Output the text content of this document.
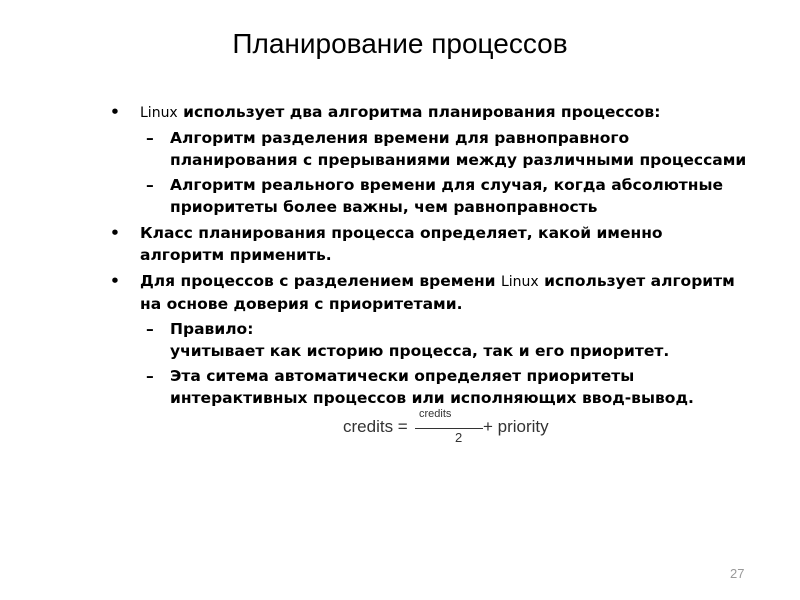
Планирование процессов

• Linux использует два алгоритма планирования процессов:

– Алгоритм разделения времени для равноправного планирования с прерываниями между различными процессами

– Алгоритм реального времени для случая, когда абсолютные приоритеты более важны, чем равноправность

• Класс планирования процесса определяет, какой именно алгоритм применить.

• Для процессов с разделением времени Linux использует алгоритм на основе доверия с приоритетами.

– Правило:
учитывает как историю процесса, так и его приоритет.

– Эта ситема автоматически определяет приоритеты интерактивных процессов или исполняющих ввод-вывод.

credits =
credits
2
+ priority
27
